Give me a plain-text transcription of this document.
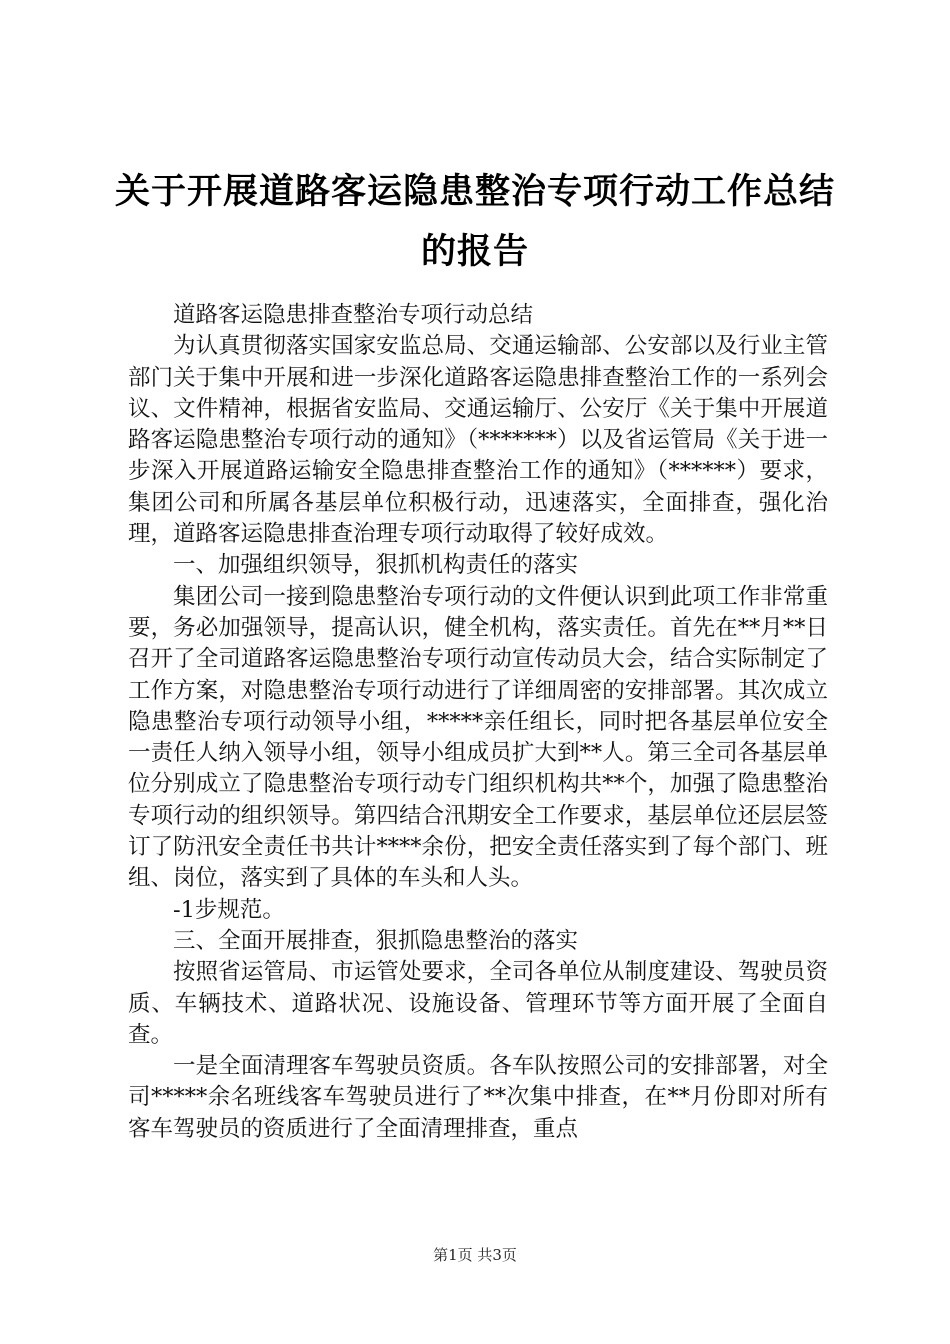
关于开展道路客运隐患整治专项行动工作总结
的报告

道路客运隐患排查整治专项行动总结

为认真贯彻落实国家安监总局、交通运输部、公安部以及行业主管部门关于集中开展和进一步深化道路客运隐患排查整治工作的一系列会议、文件精神，根据省安监局、交通运输厅、公安厅《关于集中开展道路客运隐患整治专项行动的通知》（*******）以及省运管局《关于进一步深入开展道路运输安全隐患排查整治工作的通知》（******）要求，集团公司和所属各基层单位积极行动，迅速落实，全面排查，强化治理，道路客运隐患排查治理专项行动取得了较好成效。

一、加强组织领导，狠抓机构责任的落实

集团公司一接到隐患整治专项行动的文件便认识到此项工作非常重要，务必加强领导，提高认识，健全机构，落实责任。首先在**月**日召开了全司道路客运隐患整治专项行动宣传动员大会，结合实际制定了工作方案，对隐患整治专项行动进行了详细周密的安排部署。其次成立隐患整治专项行动领导小组，*****亲任组长，同时把各基层单位安全一责任人纳入领导小组，领导小组成员扩大到**人。第三全司各基层单位分别成立了隐患整治专项行动专门组织机构共**个，加强了隐患整治专项行动的组织领导。第四结合汛期安全工作要求，基层单位还层层签订了防汛安全责任书共计****余份，把安全责任落实到了每个部门、班组、岗位，落实到了具体的车头和人头。

-1步规范。

三、全面开展排查，狠抓隐患整治的落实

按照省运管局、市运管处要求，全司各单位从制度建设、驾驶员资质、车辆技术、道路状况、设施设备、管理环节等方面开展了全面自查。

一是全面清理客车驾驶员资质。各车队按照公司的安排部署，对全司*****余名班线客车驾驶员进行了**次集中排查，在**月份即对所有客车驾驶员的资质进行了全面清理排查，重点

第1页 共3页
